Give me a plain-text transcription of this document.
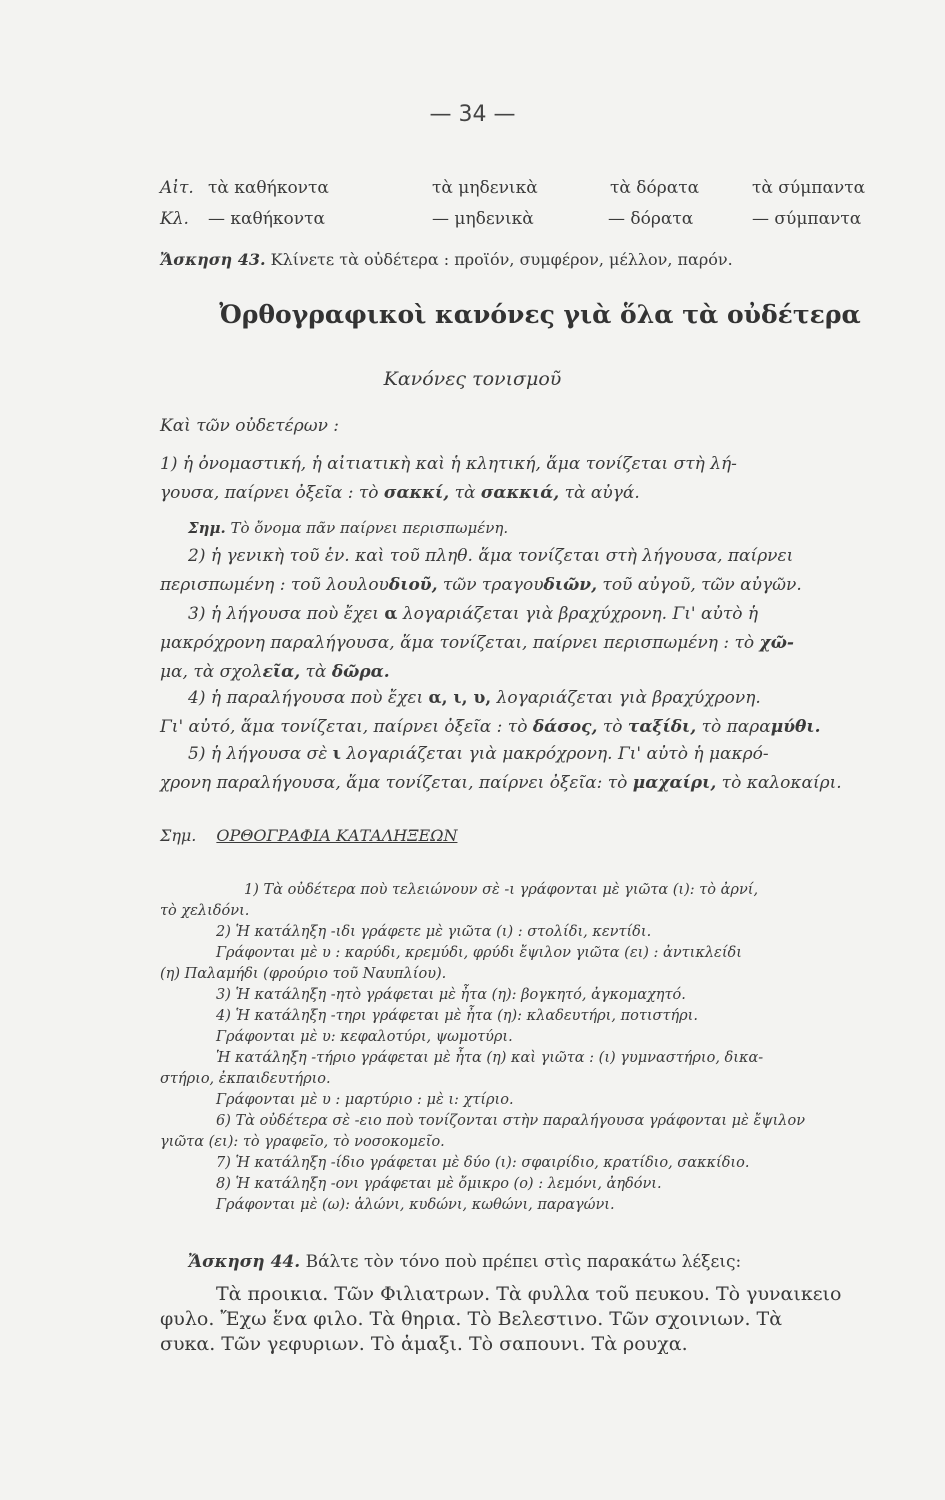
— 34 —
Αἰτ. τὰ καθήκοντα	τὰ μηδενικὰ	τὰ δόρατα	τὰ σύμπαντα
Κλ. — καθήκοντα	— μηδενικὰ	— δόρατα	— σύμπαντα
Ἄσκηση 43. Κλίνετε τὰ οὐδέτερα : προϊόν, συμφέρον, μέλλον, παρόν.
Ὀρθογραφικοὶ κανόνες γιὰ ὅλα τὰ οὐδέτερα
Κανόνες τονισμοῦ
Καὶ τῶν οὐδετέρων :
1) ἡ ὀνομαστική, ἡ αἰτιατικὴ καὶ ἡ κλητική, ἅμα τονίζεται στὴ λή-
γουσα, παίρνει ὀξεῖα : τὸ σακκί, τὰ σακκιά, τὰ αὐγά.
Σημ. Τὸ ὄνομα πᾶν παίρνει περισπωμένη.
2) ἡ γενικὴ τοῦ ἑν. καὶ τοῦ πληθ. ἅμα τονίζεται στὴ λήγουσα, παίρνει
περισπωμένη : τοῦ λουλουδιοῦ, τῶν τραγουδιῶν, τοῦ αὐγοῦ, τῶν αὐγῶν.
3) ἡ λήγουσα ποὺ ἔχει α λογαριάζεται γιὰ βραχύχρονη. Γι' αὐτὸ ἡ
μακρόχρονη παραλήγουσα, ἅμα τονίζεται, παίρνει περισπωμένη : τὸ χῶ-
μα, τὰ σχολεῖα, τὰ δῶρα.
4) ἡ παραλήγουσα ποὺ ἔχει α, ι, υ, λογαριάζεται γιὰ βραχύχρονη.
Γι' αὐτό, ἅμα τονίζεται, παίρνει ὀξεῖα : τὸ δάσος, τὸ ταξίδι, τὸ παραμύθι.
5) ἡ λήγουσα σὲ ι λογαριάζεται γιὰ μακρόχρονη. Γι' αὐτὸ ἡ μακρό-
χρονη παραλήγουσα, ἅμα τονίζεται, παίρνει ὀξεῖα: τὸ μαχαίρι, τὸ καλοκαίρι.
Σημ. ΟΡΘΟΓΡΑΦΙΑ ΚΑΤΑΛΗΞΕΩΝ
1) Τὰ οὐδέτερα ποὺ τελειώνουν σὲ -ι γράφονται μὲ γιῶτα (ι): τὸ ἀρνί,
τὸ χελιδόνι.
2) Ἡ κατάληξη -ιδι γράφετε μὲ γιῶτα (ι) : στολίδι, κεντίδι.
Γράφονται μὲ υ : καρύδι, κρεμύδι, φρύδι ἔψιλον γιῶτα (ει) : ἀντικλείδι
(η) Παλαμήδι (φρούριο τοῦ Ναυπλίου).
3) Ἡ κατάληξη -ητὸ γράφεται μὲ ἦτα (η): βογκητό, ἀγκομαχητό.
4) Ἡ κατάληξη -τηρι γράφεται μὲ ἦτα (η): κλαδευτήρι, ποτιστήρι.
Γράφονται μὲ υ: κεφαλοτύρι, ψωμοτύρι.
Ἡ κατάληξη -τήριο γράφεται μὲ ἦτα (η) καὶ γιῶτα : (ι) γυμναστήριο, δικα-
στήριο, ἐκπαιδευτήριο.
Γράφονται μὲ υ : μαρτύριο : μὲ ι: χτίριο.
6) Τὰ οὐδέτερα σὲ -ειο ποὺ τονίζονται στὴν παραλήγουσα γράφονται μὲ ἔψιλον
γιῶτα (ει): τὸ γραφεῖο, τὸ νοσοκομεῖο.
7) Ἡ κατάληξη -ίδιο γράφεται μὲ δύο (ι): σφαιρίδιο, κρατίδιο, σακκίδιο.
8) Ἡ κατάληξη -ονι γράφεται μὲ ὄμικρο (ο) : λεμόνι, ἀηδόνι.
Γράφονται μὲ (ω): ἁλώνι, κυδώνι, κωθώνι, παραγώνι.
Ἄσκηση 44. Βάλτε τὸν τόνο ποὺ πρέπει στὶς παρακάτω λέξεις:
Τὰ προικια. Τῶν Φιλιατρων. Τὰ φυλλα τοῦ πευκου. Τὸ γυναικειο
φυλο. Ἔχω ἕνα φιλο. Τὰ θηρια. Τὸ Βελεστινο. Τῶν σχοινιων. Τὰ
συκα. Τῶν γεφυριων. Τὸ ἁμαξι. Τὸ σαπουνι. Τὰ ρουχα.
